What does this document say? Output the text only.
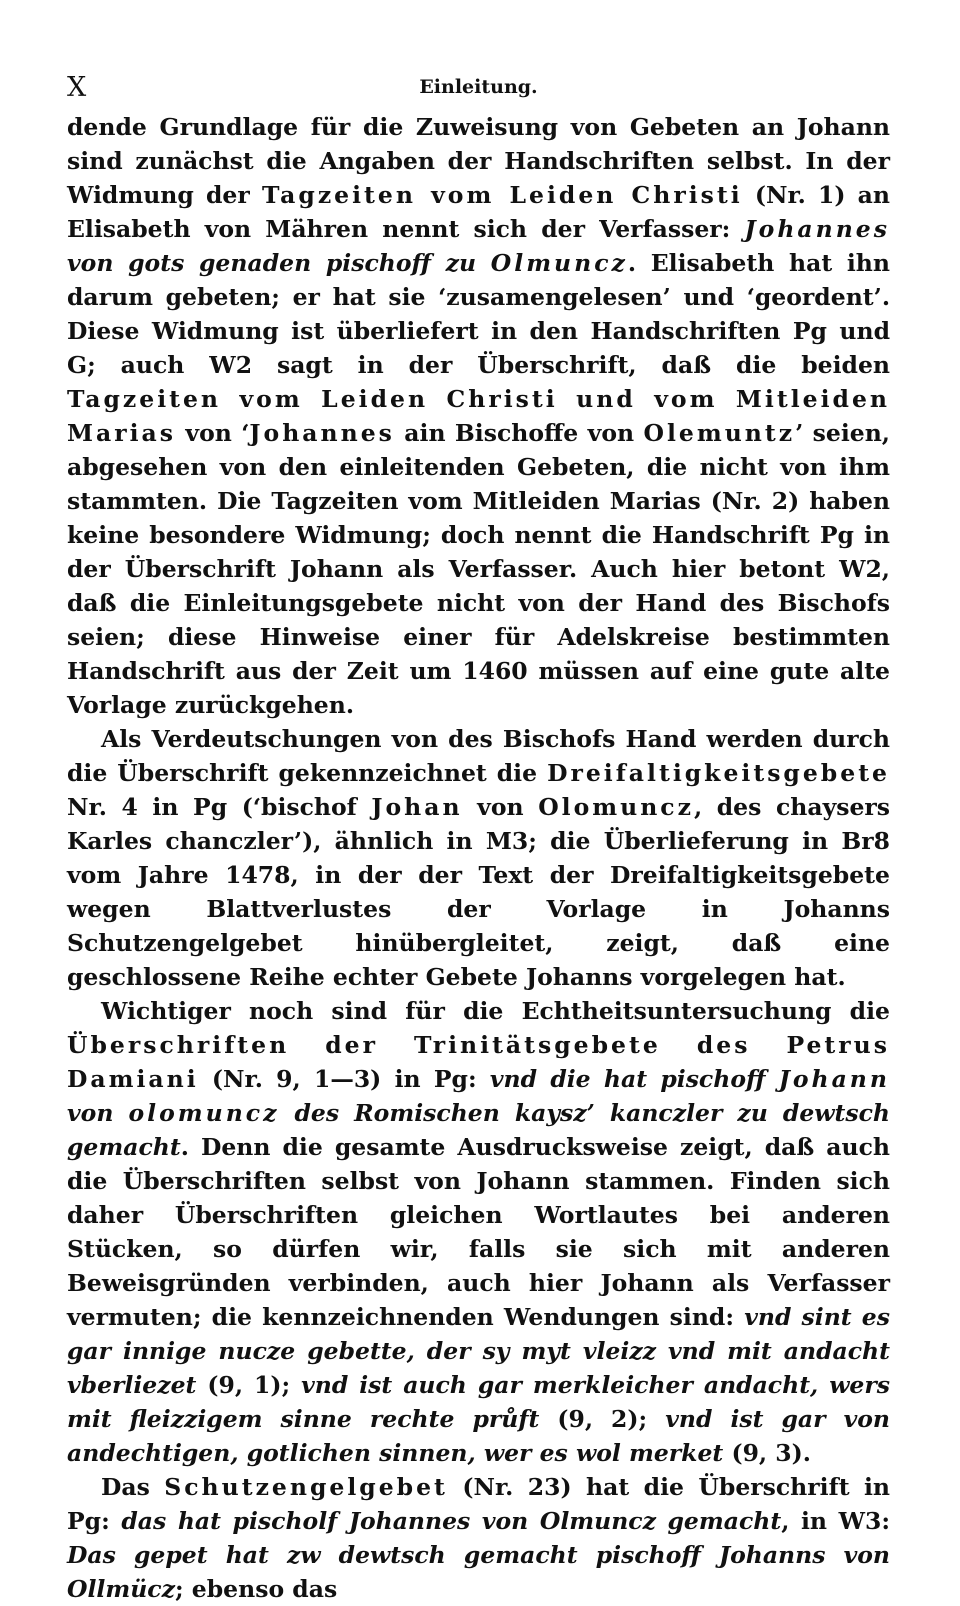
X	Einleitung.

dende Grundlage für die Zuweisung von Gebeten an Johann sind zunächst die Angaben der Handschriften selbst. In der Widmung der Tagzeiten vom Leiden Christi (Nr. 1) an Elisabeth von Mähren nennt sich der Verfasser: Johannes von gots genaden pischoff zu Olmuncz. Elisabeth hat ihn darum gebeten; er hat sie ‘zusamengelesen’ und ‘geordent’. Diese Widmung ist überliefert in den Handschriften Pg und G; auch W2 sagt in der Überschrift, daß die beiden Tagzeiten vom Leiden Christi und vom Mitleiden Marias von ‘Johannes ain Bischoffe von Olemuntz’ seien, abgesehen von den einleitenden Gebeten, die nicht von ihm stammten. Die Tagzeiten vom Mitleiden Marias (Nr. 2) haben keine besondere Widmung; doch nennt die Handschrift Pg in der Überschrift Johann als Verfasser. Auch hier betont W2, daß die Einleitungsgebete nicht von der Hand des Bischofs seien; diese Hinweise einer für Adelskreise bestimmten Handschrift aus der Zeit um 1460 müssen auf eine gute alte Vorlage zurückgehen.

Als Verdeutschungen von des Bischofs Hand werden durch die Überschrift gekennzeichnet die Dreifaltigkeitsgebete Nr. 4 in Pg (‘bischof Johan von Olomuncz, des chaysers Karles chanczler’), ähnlich in M3; die Überlieferung in Br8 vom Jahre 1478, in der der Text der Dreifaltigkeitsgebete wegen Blattverlustes der Vorlage in Johanns Schutzengelgebet hinübergleitet, zeigt, daß eine geschlossene Reihe echter Gebete Johanns vorgelegen hat.

Wichtiger noch sind für die Echtheitsuntersuchung die Überschriften der Trinitätsgebete des Petrus Damiani (Nr. 9, 1—3) in Pg: vnd die hat pischoff Johann von olomuncz des Romischen kaysz’ kanczler zu dewtsch gemacht. Denn die gesamte Ausdrucksweise zeigt, daß auch die Überschriften selbst von Johann stammen. Finden sich daher Überschriften gleichen Wortlautes bei anderen Stücken, so dürfen wir, falls sie sich mit anderen Beweisgründen verbinden, auch hier Johann als Verfasser vermuten; die kennzeichnenden Wendungen sind: vnd sint es gar innige nucze gebette, der sy myt vleizz vnd mit andacht vberliezet (9, 1); vnd ist auch gar merkleicher andacht, wers mit fleizzigem sinne rechte průft (9, 2); vnd ist gar von andechtigen, gotlichen sinnen, wer es wol merket (9, 3).

Das Schutzengelgebet (Nr. 23) hat die Überschrift in Pg: das hat pischolf Johannes von Olmuncz gemacht, in W3: Das gepet hat zw dewtsch gemacht pischoff Johanns von Ollmücz; ebenso das
